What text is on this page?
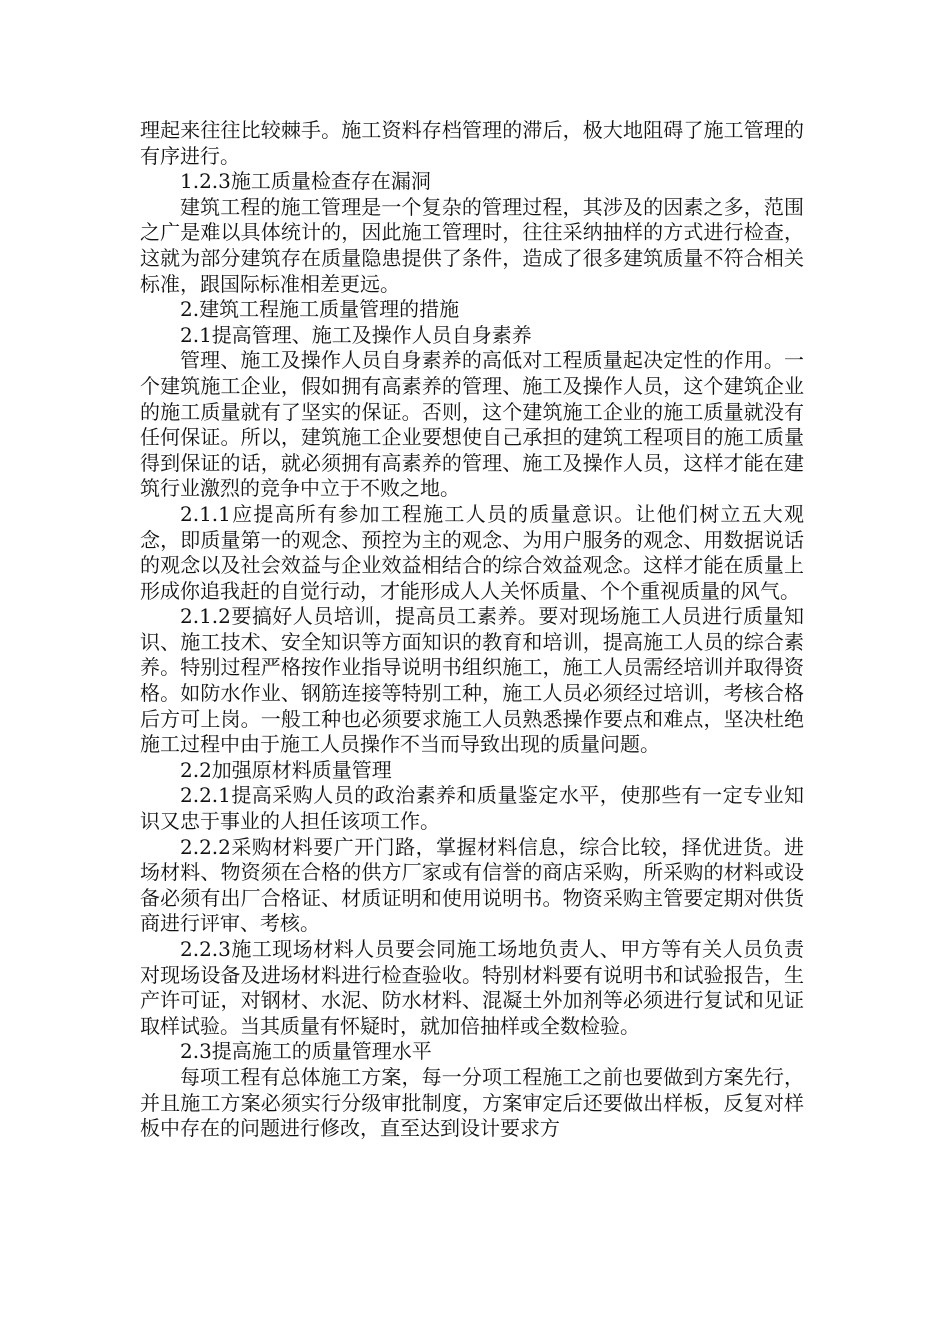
理起来往往比较棘手。施工资料存档管理的滞后，极大地阻碍了施工管理的有序进行。

1.2.3施工质量检查存在漏洞

建筑工程的施工管理是一个复杂的管理过程，其涉及的因素之多，范围之广是难以具体统计的，因此施工管理时，往往采纳抽样的方式进行检查，这就为部分建筑存在质量隐患提供了条件，造成了很多建筑质量不符合相关标准，跟国际标准相差更远。

2.建筑工程施工质量管理的措施

2.1提高管理、施工及操作人员自身素养

管理、施工及操作人员自身素养的高低对工程质量起决定性的作用。一个建筑施工企业，假如拥有高素养的管理、施工及操作人员，这个建筑企业的施工质量就有了坚实的保证。否则，这个建筑施工企业的施工质量就没有任何保证。所以，建筑施工企业要想使自己承担的建筑工程项目的施工质量得到保证的话，就必须拥有高素养的管理、施工及操作人员，这样才能在建筑行业激烈的竞争中立于不败之地。

2.1.1应提高所有参加工程施工人员的质量意识。让他们树立五大观念，即质量第一的观念、预控为主的观念、为用户服务的观念、用数据说话的观念以及社会效益与企业效益相结合的综合效益观念。这样才能在质量上形成你追我赶的自觉行动，才能形成人人关怀质量、个个重视质量的风气。

2.1.2要搞好人员培训，提高员工素养。要对现场施工人员进行质量知识、施工技术、安全知识等方面知识的教育和培训，提高施工人员的综合素养。特别过程严格按作业指导说明书组织施工，施工人员需经培训并取得资格。如防水作业、钢筋连接等特别工种，施工人员必须经过培训，考核合格后方可上岗。一般工种也必须要求施工人员熟悉操作要点和难点，坚决杜绝施工过程中由于施工人员操作不当而导致出现的质量问题。

2.2加强原材料质量管理

2.2.1提高采购人员的政治素养和质量鉴定水平，使那些有一定专业知识又忠于事业的人担任该项工作。

2.2.2采购材料要广开门路，掌握材料信息，综合比较，择优进货。进场材料、物资须在合格的供方厂家或有信誉的商店采购，所采购的材料或设备必须有出厂合格证、材质证明和使用说明书。物资采购主管要定期对供货商进行评审、考核。

2.2.3施工现场材料人员要会同施工场地负责人、甲方等有关人员负责对现场设备及进场材料进行检查验收。特别材料要有说明书和试验报告，生产许可证，对钢材、水泥、防水材料、混凝土外加剂等必须进行复试和见证取样试验。当其质量有怀疑时，就加倍抽样或全数检验。

2.3提高施工的质量管理水平

每项工程有总体施工方案，每一分项工程施工之前也要做到方案先行，并且施工方案必须实行分级审批制度，方案审定后还要做出样板，反复对样板中存在的问题进行修改，直至达到设计要求方
